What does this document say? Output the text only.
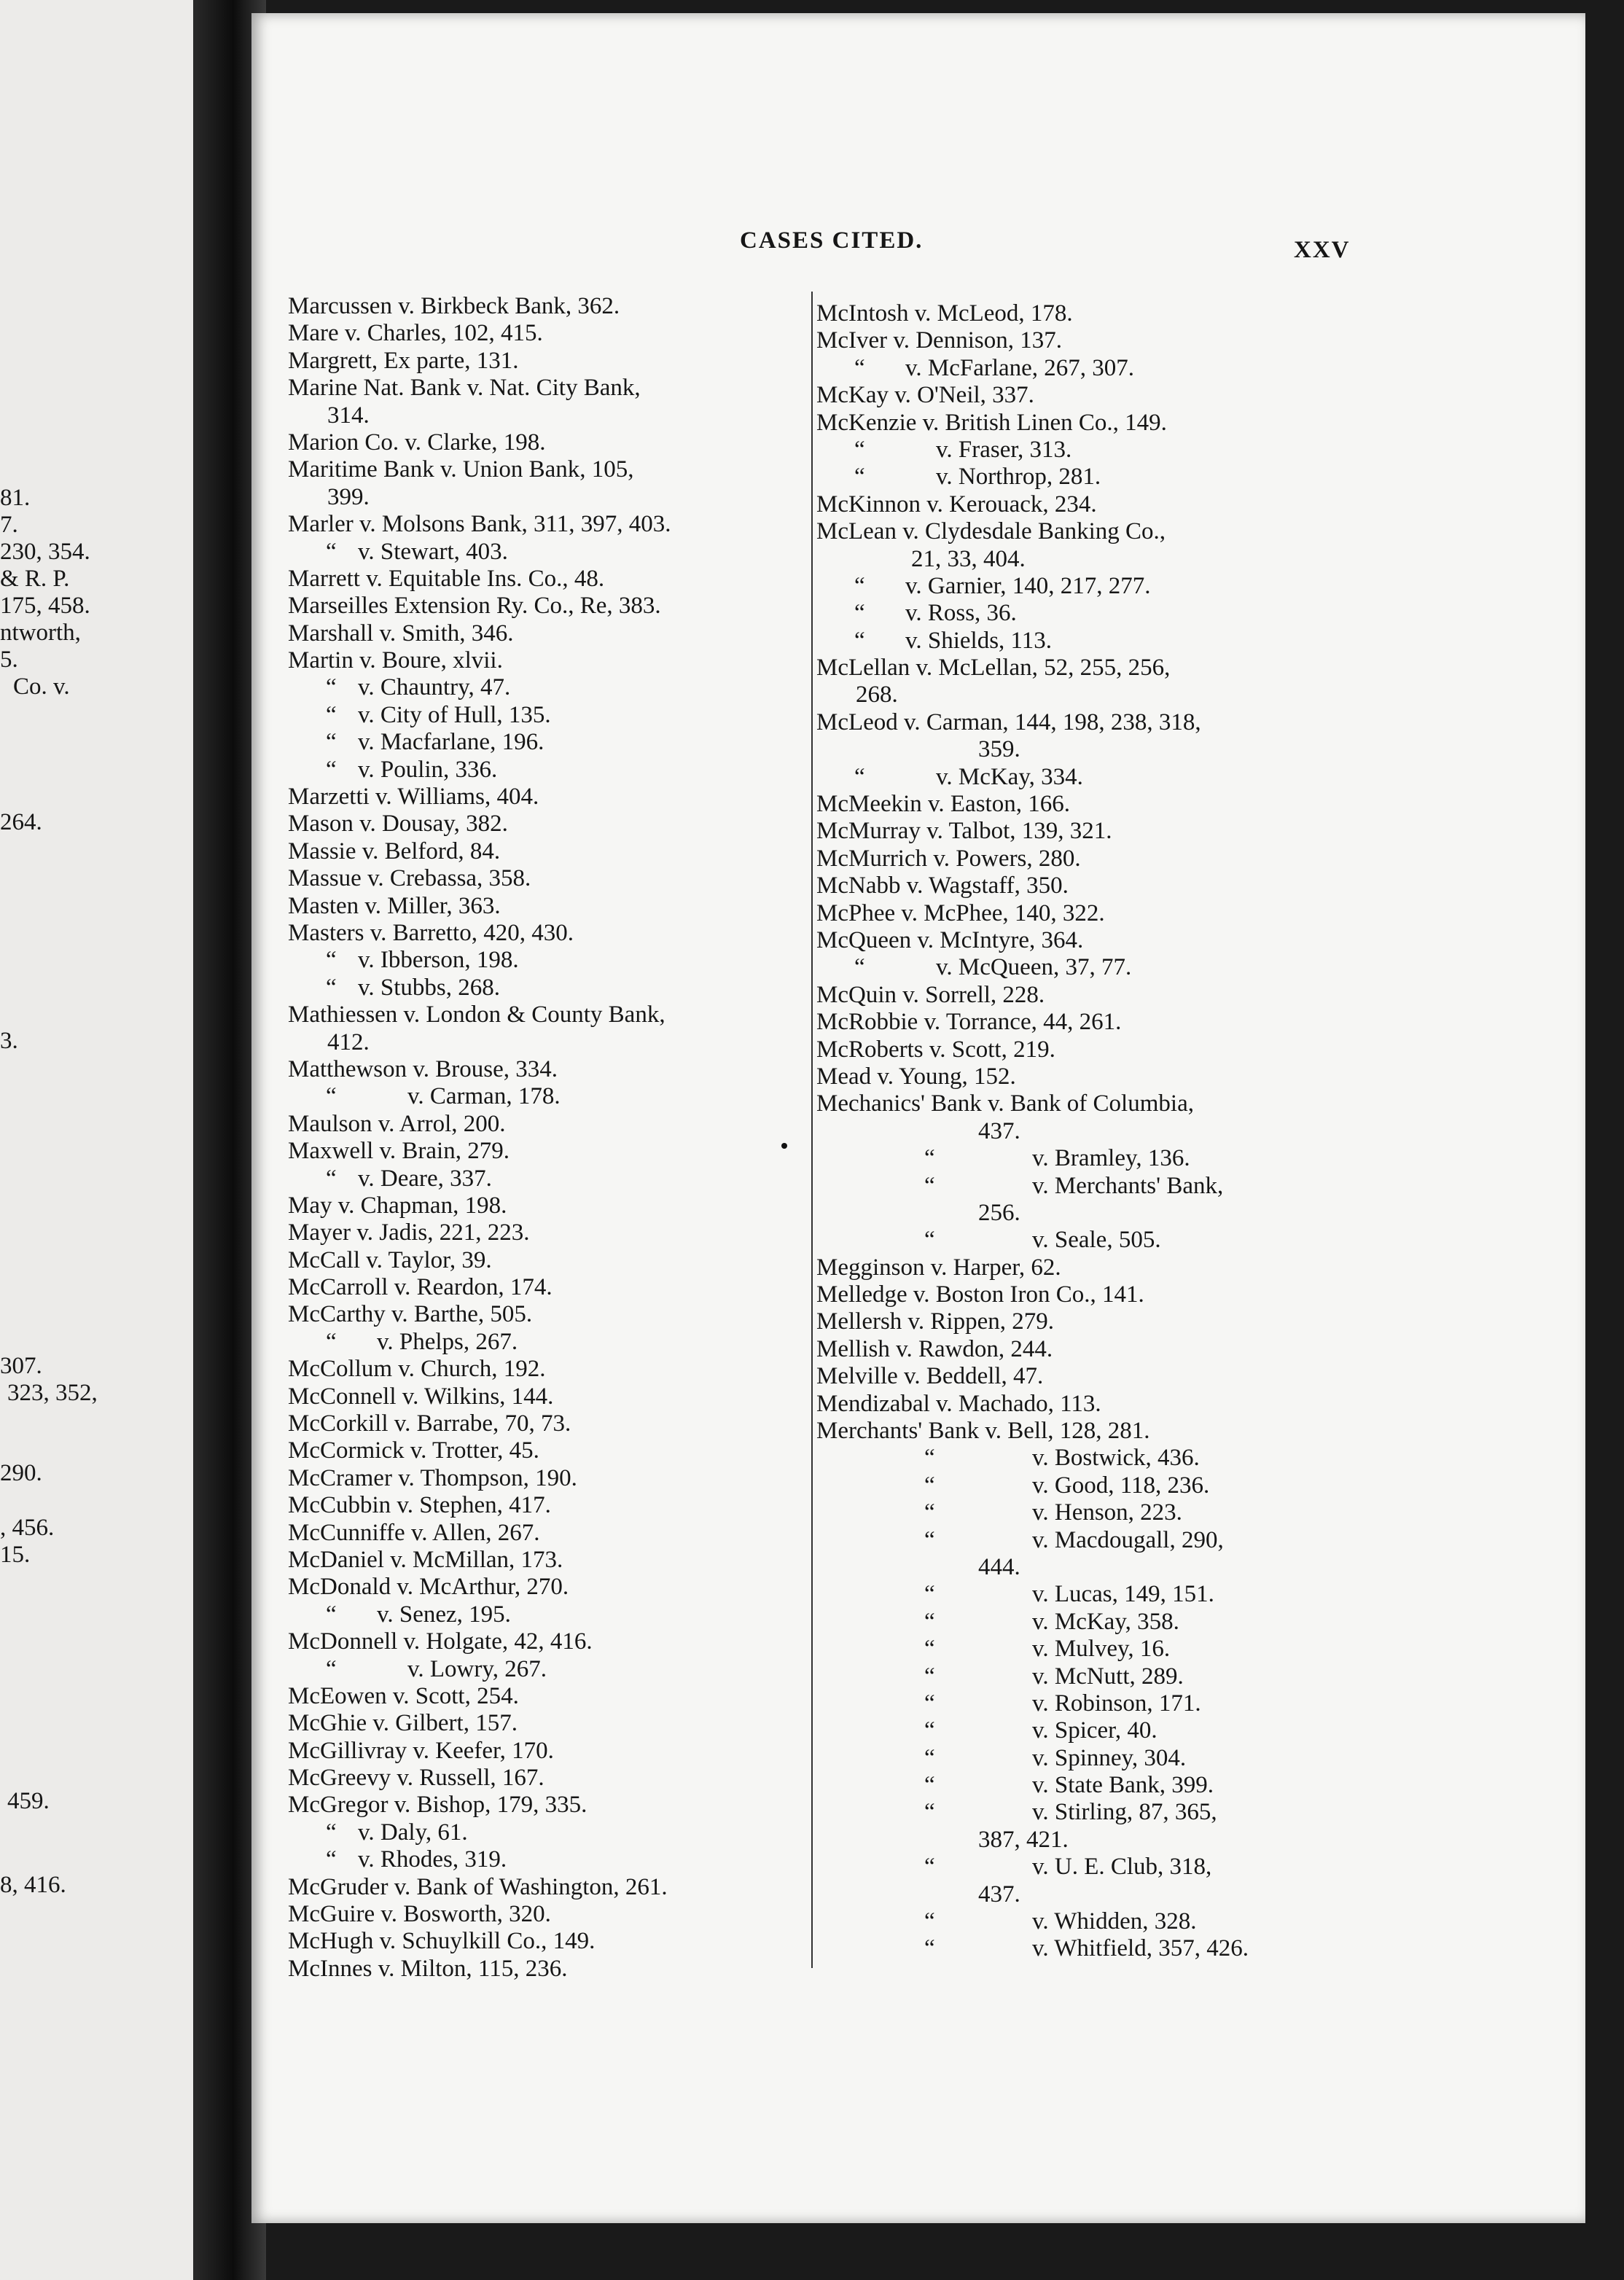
81.
7.
230, 354.
& R. P.
175, 458.
ntworth,
5.
Co. v.
264.
3.
307.
323, 352,
290.
, 456.
15.
459.
8, 416.
CASES CITED.	XXV
Marcussen v. Birkbeck Bank, 362.
Mare v. Charles, 102, 415.
Margrett, Ex parte, 131.
Marine Nat. Bank v. Nat. City Bank,
314.
Marion Co. v. Clarke, 198.
Maritime Bank v. Union Bank, 105,
399.
Marler v. Molsons Bank, 311, 397, 403.
“ v. Stewart, 403.
Marrett v. Equitable Ins. Co., 48.
Marseilles Extension Ry. Co., Re, 383.
Marshall v. Smith, 346.
Martin v. Boure, xlvii.
“ v. Chauntry, 47.
“ v. City of Hull, 135.
“ v. Macfarlane, 196.
“ v. Poulin, 336.
Marzetti v. Williams, 404.
Mason v. Dousay, 382.
Massie v. Belford, 84.
Massue v. Crebassa, 358.
Masten v. Miller, 363.
Masters v. Barretto, 420, 430.
“ v. Ibberson, 198.
“ v. Stubbs, 268.
Mathiessen v. London & County Bank,
412.
Matthewson v. Brouse, 334.
“	v. Carman, 178.
Maulson v. Arrol, 200.
Maxwell v. Brain, 279.
“ v. Deare, 337.
May v. Chapman, 198.
Mayer v. Jadis, 221, 223.
McCall v. Taylor, 39.
McCarroll v. Reardon, 174.
McCarthy v. Barthe, 505.
“ v. Phelps, 267.
McCollum v. Church, 192.
McConnell v. Wilkins, 144.
McCorkill v. Barrabe, 70, 73.
McCormick v. Trotter, 45.
McCramer v. Thompson, 190.
McCubbin v. Stephen, 417.
McCunniffe v. Allen, 267.
McDaniel v. McMillan, 173.
McDonald v. McArthur, 270.
“ v. Senez, 195.
McDonnell v. Holgate, 42, 416.
“	v. Lowry, 267.
McEowen v. Scott, 254.
McGhie v. Gilbert, 157.
McGillivray v. Keefer, 170.
McGreevy v. Russell, 167.
McGregor v. Bishop, 179, 335.
“ v. Daly, 61.
“ v. Rhodes, 319.
McGruder v. Bank of Washington, 261.
McGuire v. Bosworth, 320.
McHugh v. Schuylkill Co., 149.
McInnes v. Milton, 115, 236.
McIntosh v. McLeod, 178.
McIver v. Dennison, 137.
“ v. McFarlane, 267, 307.
McKay v. O'Neil, 337.
McKenzie v. British Linen Co., 149.
“	v. Fraser, 313.
“	v. Northrop, 281.
McKinnon v. Kerouack, 234.
McLean v. Clydesdale Banking Co.,
21, 33, 404.
“ v. Garnier, 140, 217, 277.
“ v. Ross, 36.
“ v. Shields, 113.
McLellan v. McLellan, 52, 255, 256,
268.
McLeod v. Carman, 144, 198, 238, 318,
359.
“	v. McKay, 334.
McMeekin v. Easton, 166.
McMurray v. Talbot, 139, 321.
McMurrich v. Powers, 280.
McNabb v. Wagstaff, 350.
McPhee v. McPhee, 140, 322.
McQueen v. McIntyre, 364.
“	v. McQueen, 37, 77.
McQuin v. Sorrell, 228.
McRobbie v. Torrance, 44, 261.
McRoberts v. Scott, 219.
Mead v. Young, 152.
Mechanics' Bank v. Bank of Columbia,
437.
“	v. Bramley, 136.
“	v. Merchants' Bank,
256.
“	v. Seale, 505.
Megginson v. Harper, 62.
Melledge v. Boston Iron Co., 141.
Mellersh v. Rippen, 279.
Mellish v. Rawdon, 244.
Melville v. Beddell, 47.
Mendizabal v. Machado, 113.
Merchants' Bank v. Bell, 128, 281.
“	v. Bostwick, 436.
“	v. Good, 118, 236.
“	v. Henson, 223.
“	v. Macdougall, 290,
444.
“	v. Lucas, 149, 151.
“	v. McKay, 358.
“	v. Mulvey, 16.
“	v. McNutt, 289.
“	v. Robinson, 171.
“	v. Spicer, 40.
“	v. Spinney, 304.
“	v. State Bank, 399.
“	v. Stirling, 87, 365,
387, 421.
“	v. U. E. Club, 318,
437.
“	v. Whidden, 328.
“	v. Whitfield, 357, 426.
